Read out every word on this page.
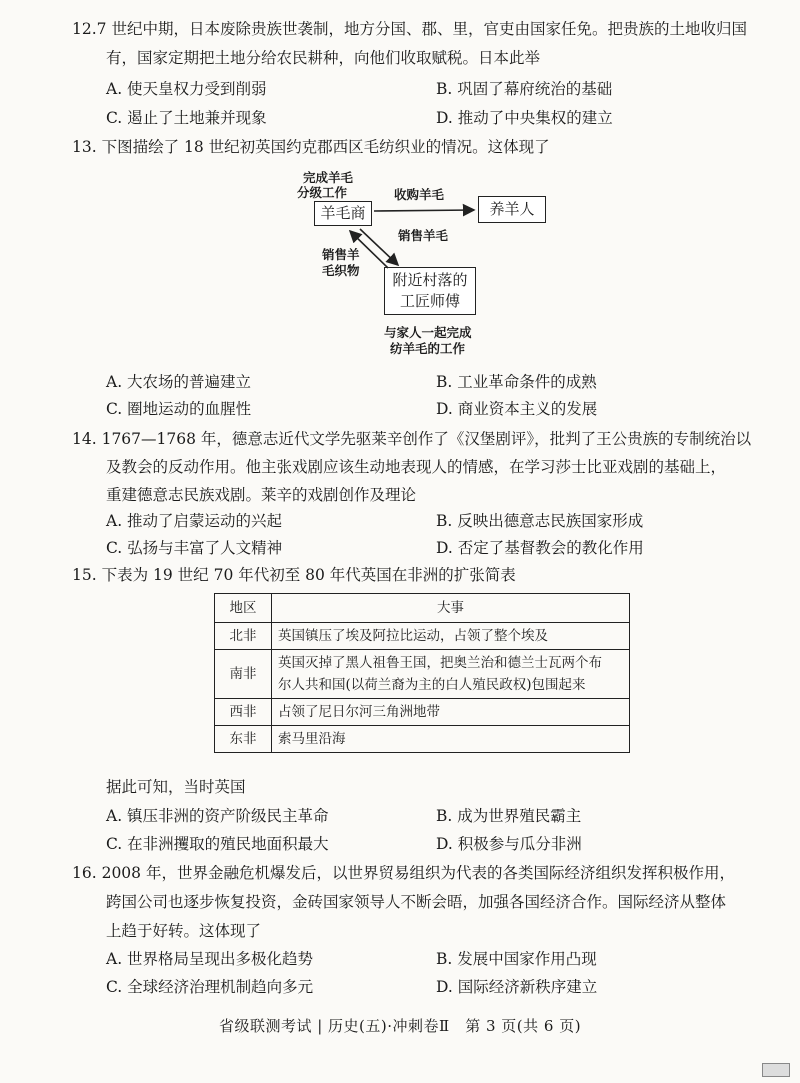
12.7 世纪中期，日本废除贵族世袭制，地方分国、郡、里，官吏由国家任免。把贵族的土地收归国
有，国家定期把土地分给农民耕种，向他们收取赋税。日本此举
A. 使天皇权力受到削弱	B. 巩固了幕府统治的基础
C. 遏止了土地兼并现象	D. 推动了中央集权的建立
13. 下图描绘了 18 世纪初英国约克郡西区毛纺织业的情况。这体现了
完成羊毛
分级工作
羊毛商	养羊人
收购羊毛
销售羊毛
销售羊
毛织物
附近村落的
工匠师傅
与家人一起完成
纺羊毛的工作
A. 大农场的普遍建立	B. 工业革命条件的成熟
C. 圈地运动的血腥性	D. 商业资本主义的发展
14. 1767—1768 年，德意志近代文学先驱莱辛创作了《汉堡剧评》，批判了王公贵族的专制统治以
及教会的反动作用。他主张戏剧应该生动地表现人的情感，在学习莎士比亚戏剧的基础上，
重建德意志民族戏剧。莱辛的戏剧创作及理论
A. 推动了启蒙运动的兴起	B. 反映出德意志民族国家形成
C. 弘扬与丰富了人文精神	D. 否定了基督教会的教化作用
15. 下表为 19 世纪 70 年代初至 80 年代英国在非洲的扩张简表
地区	大事
北非	英国镇压了埃及阿拉比运动，占领了整个埃及
南非	英国灭掉了黑人祖鲁王国，把奥兰治和德兰士瓦两个布
尔人共和国(以荷兰裔为主的白人殖民政权)包围起来

西非	占领了尼日尔河三角洲地带
东非	索马里沿海
据此可知，当时英国
A. 镇压非洲的资产阶级民主革命	B. 成为世界殖民霸主
C. 在非洲攫取的殖民地面积最大	D. 积极参与瓜分非洲
16. 2008 年，世界金融危机爆发后，以世界贸易组织为代表的各类国际经济组织发挥积极作用，
跨国公司也逐步恢复投资，金砖国家领导人不断会晤，加强各国经济合作。国际经济从整体
上趋于好转。这体现了
A. 世界格局呈现出多极化趋势	B. 发展中国家作用凸现
C. 全球经济治理机制趋向多元	D. 国际经济新秩序建立
省级联测考试 | 历史(五)·冲刺卷Ⅱ　第 3 页(共 6 页)
